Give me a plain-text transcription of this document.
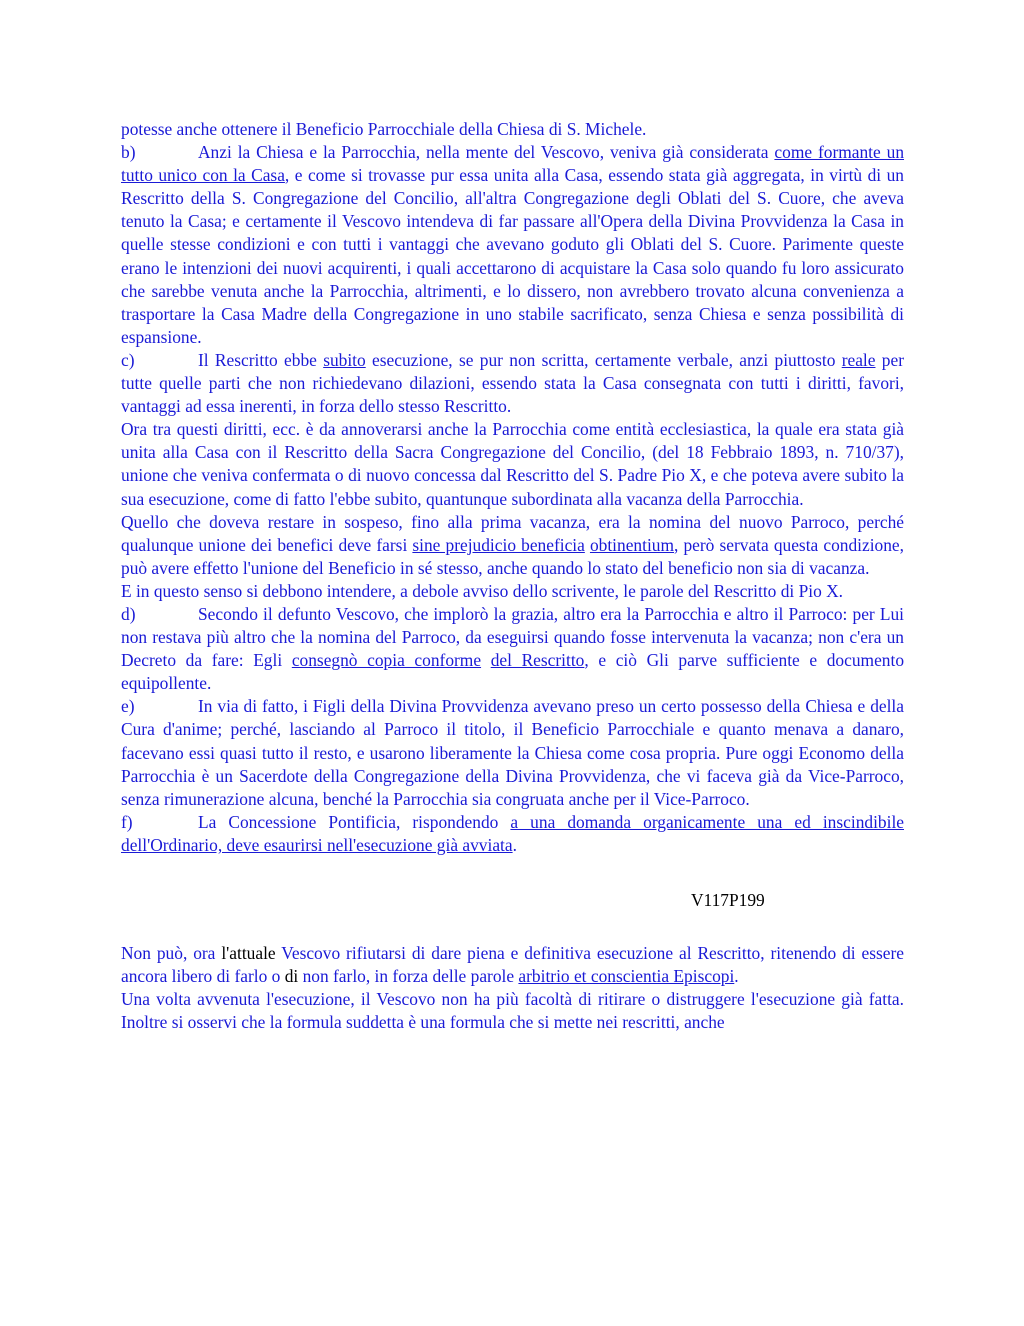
potesse anche ottenere il Beneficio Parrocchiale della Chiesa di S. Michele.

b)	Anzi la Chiesa e la Parrocchia, nella mente del Vescovo, veniva già considerata come formante un tutto unico con la Casa, e come si trovasse pur essa unita alla Casa, essendo stata già aggregata, in virtù di un Rescritto della S. Congregazione del Concilio, all'altra Congregazione degli Oblati del S. Cuore, che aveva tenuto la Casa; e certamente il Vescovo intendeva di far passare all'Opera della Divina Provvidenza la Casa in quelle stesse condizioni e con tutti i vantaggi che avevano goduto gli Oblati del S. Cuore. Parimente queste erano le intenzioni dei nuovi acquirenti, i quali accettarono di acquistare la Casa solo quando fu loro assicurato che sarebbe venuta anche la Parrocchia, altrimenti, e lo dissero, non avrebbero trovato alcuna convenienza a trasportare la Casa Madre della Congregazione in uno stabile sacrificato, senza Chiesa e senza possibilità di espansione.

c)	Il Rescritto ebbe subito esecuzione, se pur non scritta, certamente verbale, anzi piuttosto reale per tutte quelle parti che non richiedevano dilazioni, essendo stata la Casa consegnata con tutti i diritti, favori, vantaggi ad essa inerenti, in forza dello stesso Rescritto.

Ora tra questi diritti, ecc. è da annoverarsi anche la Parrocchia come entità ecclesiastica, la quale era stata già unita alla Casa con il Rescritto della Sacra Congregazione del Concilio, (del 18 Febbraio 1893, n. 710/37), unione che veniva confermata o di nuovo concessa dal Rescritto del S. Padre Pio X, e che poteva avere subito la sua esecuzione, come di fatto l'ebbe subito, quantunque subordinata alla vacanza della Parrocchia.

Quello che doveva restare in sospeso, fino alla prima vacanza, era la nomina del nuovo Parroco, perché qualunque unione dei benefici deve farsi sine prejudicio beneficia obtinentium, però servata questa condizione, può avere effetto l'unione del Beneficio in sé stesso, anche quando lo stato del beneficio non sia di vacanza.

E in questo senso si debbono intendere, a debole avviso dello scrivente, le parole del Rescritto di Pio X.

d)	Secondo il defunto Vescovo, che implorò la grazia, altro era la Parrocchia e altro il Parroco: per Lui non restava più altro che la nomina del Parroco, da eseguirsi quando fosse intervenuta la vacanza; non c'era un Decreto da fare: Egli consegnò copia conforme del Rescritto, e ciò Gli parve sufficiente e documento equipollente.

e)	In via di fatto, i Figli della Divina Provvidenza avevano preso un certo possesso della Chiesa e della Cura d'anime; perché, lasciando al Parroco il titolo, il Beneficio Parrocchiale e quanto menava a danaro, facevano essi quasi tutto il resto, e usarono liberamente la Chiesa come cosa propria. Pure oggi Economo della Parrocchia è un Sacerdote della Congregazione della Divina Provvidenza, che vi faceva già da Vice-Parroco, senza rimunerazione alcuna, benché la Parrocchia sia congruata anche per il Vice-Parroco.

f)	La Concessione Pontificia, rispondendo a una domanda organicamente una ed inscindibile dell'Ordinario, deve esaurirsi nell'esecuzione già avviata.

V117P199

Non può, ora l'attuale Vescovo rifiutarsi di dare piena e definitiva esecuzione al Rescritto, ritenendo di essere ancora libero di farlo o di non farlo, in forza delle parole arbitrio et conscientia Episcopi.

Una volta avvenuta l'esecuzione, il Vescovo non ha più facoltà di ritirare o distruggere l'esecuzione già fatta. Inoltre si osservi che la formula suddetta è una formula che si mette nei rescritti, anche
